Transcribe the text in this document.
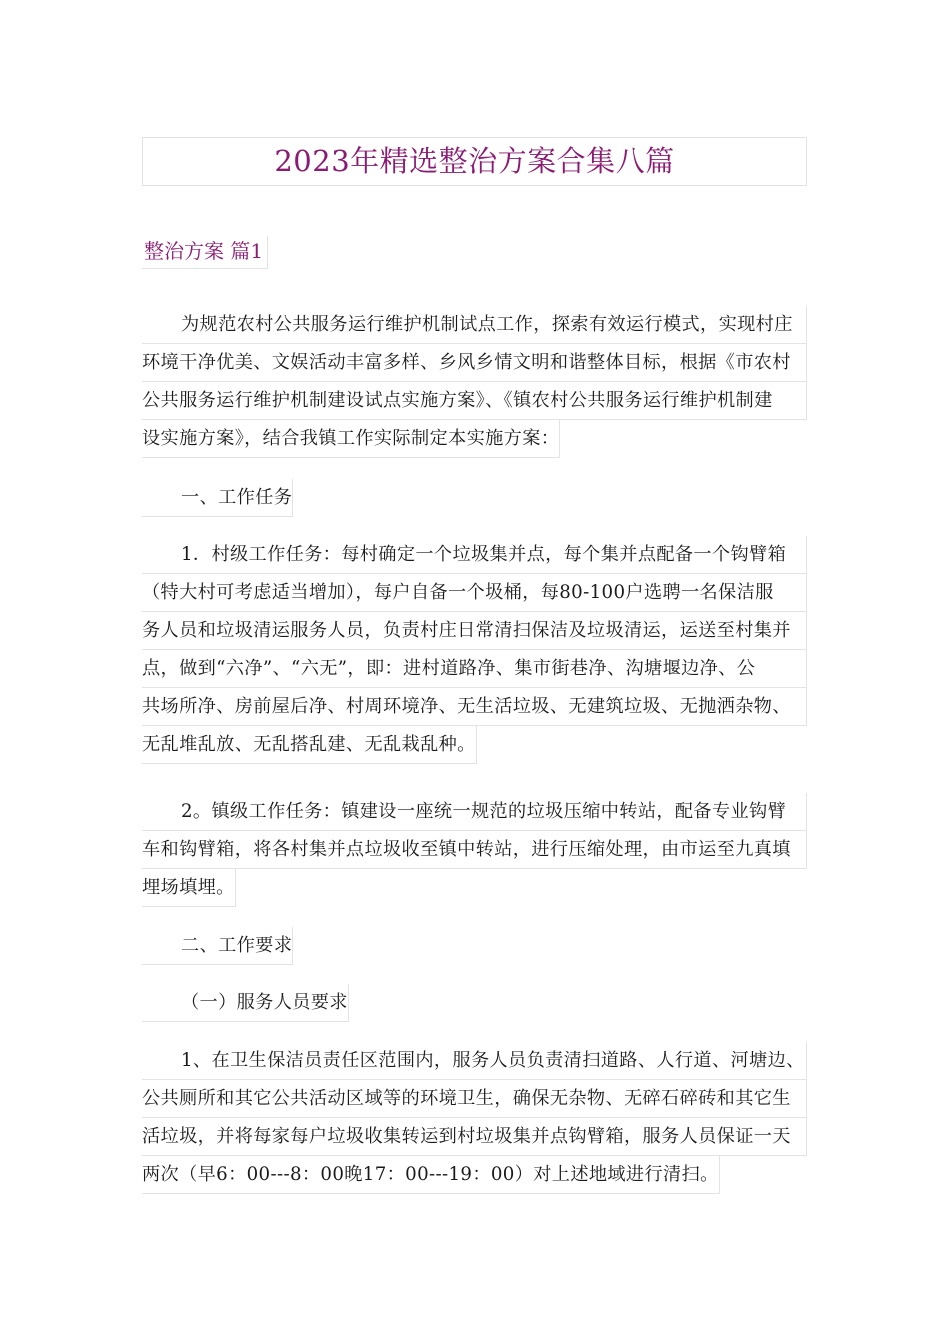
2023年精选整治方案合集八篇
整治方案 篇1
为规范农村公共服务运行维护机制试点工作，探索有效运行模式，实现村庄
环境干净优美、文娱活动丰富多样、乡风乡情文明和谐整体目标，根据《市农村
公共服务运行维护机制建设试点实施方案》、《镇农村公共服务运行维护机制建
设实施方案》，结合我镇工作实际制定本实施方案：
一、工作任务
1．村级工作任务：每村确定一个垃圾集并点，每个集并点配备一个钩臂箱
（特大村可考虑适当增加），每户自备一个圾桶，每80-100户选聘一名保洁服
务人员和垃圾清运服务人员，负责村庄日常清扫保洁及垃圾清运，运送至村集并
点，做到“六净”、“六无”，即：进村道路净、集市街巷净、沟塘堰边净、公
共场所净、房前屋后净、村周环境净、无生活垃圾、无建筑垃圾、无抛洒杂物、
无乱堆乱放、无乱搭乱建、无乱栽乱种。
2。镇级工作任务：镇建设一座统一规范的垃圾压缩中转站，配备专业钩臂
车和钩臂箱，将各村集并点垃圾收至镇中转站，进行压缩处理，由市运至九真填
埋场填埋。
二、工作要求
（一）服务人员要求
1、在卫生保洁员责任区范围内，服务人员负责清扫道路、人行道、河塘边、
公共厕所和其它公共活动区域等的环境卫生，确保无杂物、无碎石碎砖和其它生
活垃圾，并将每家每户垃圾收集转运到村垃圾集并点钩臂箱，服务人员保证一天
两次（早6：00---8：00晚17：00---19：00）对上述地域进行清扫。
